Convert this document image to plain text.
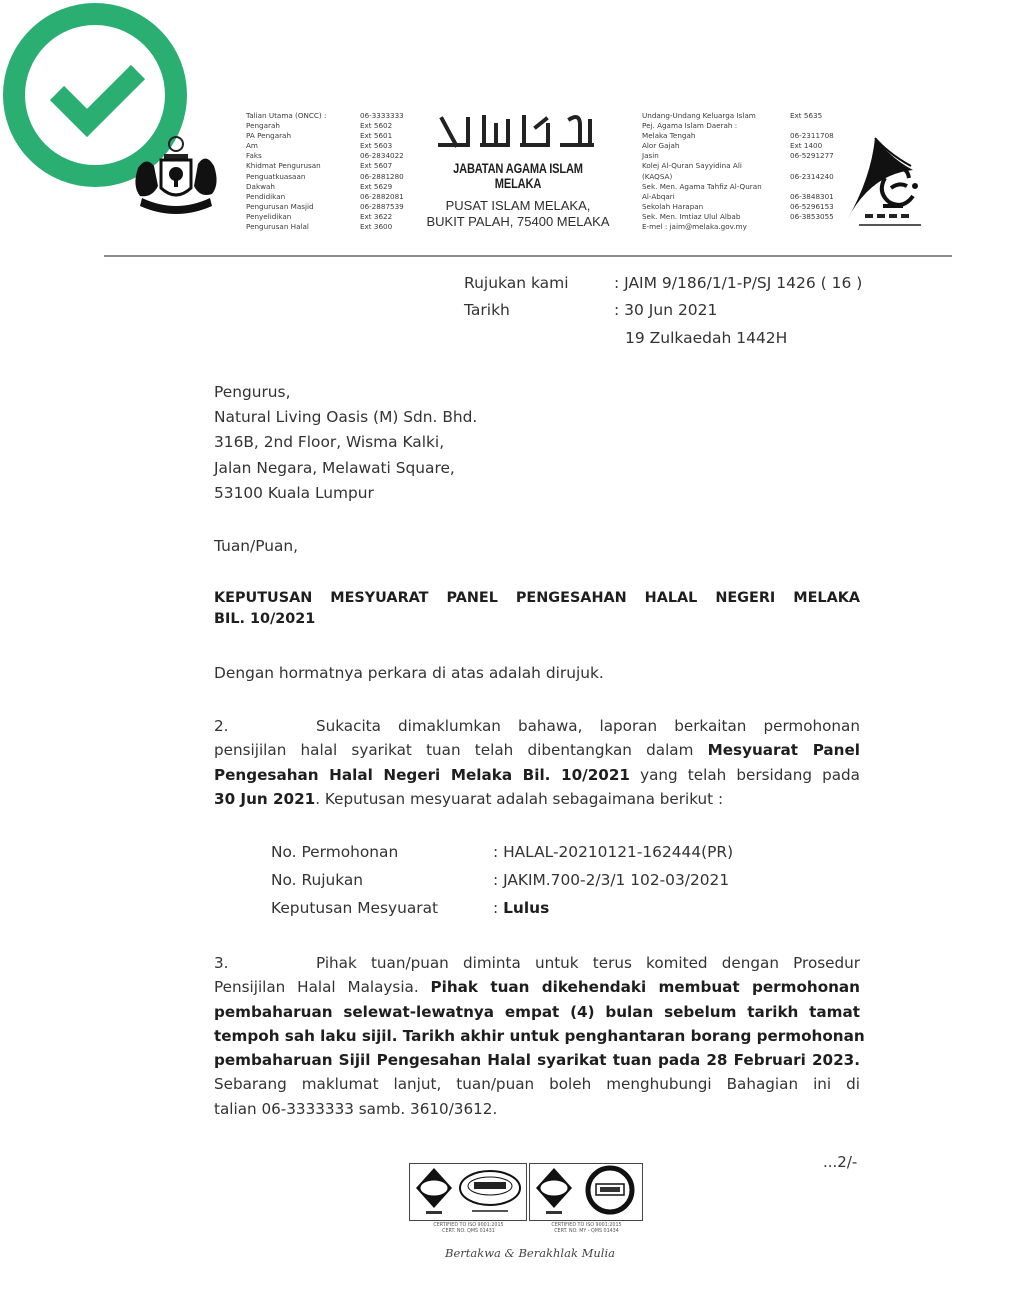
Talian Utama (ONCC) :	06-3333333
Pengarah	Ext 5602
PA Pengarah	Ext 5601
Am	Ext 5603
Faks	06-2834022
Khidmat Pengurusan	Ext 5607
Penguatkuasaan	06-2881280
Dakwah	Ext 5629
Pendidikan	06-2882081
Pengurusan Masjid	06-2887539
Penyelidikan	Ext 3622
Pengurusan Halal	Ext 3600
JABATAN AGAMA ISLAM MELAKA
PUSAT ISLAM MELAKA,
BUKIT PALAH, 75400 MELAKA
Undang-Undang Keluarga Islam	Ext 5635
Pej. Agama Islam Daerah :
Melaka Tengah	06-2311708
Alor Gajah	Ext 1400
Jasin	06-5291277
Kolej Al-Quran Sayyidina Ali
(KAQSA)	06-2314240
Sek. Men. Agama Tahfiz Al-Quran
Al-Abqari	06-3848301
Sekolah Harapan	06-5296153
Sek. Men. Imtiaz Ulul Albab	06-3853055
E-mel : jaim@melaka.gov.my
Rujukan kami	: JAIM 9/186/1/1-P/SJ 1426 ( 16 )
Tarikh	: 30 Jun 2021
19 Zulkaedah 1442H
Pengurus,
Natural Living Oasis (M) Sdn. Bhd.
316B, 2nd Floor, Wisma Kalki,
Jalan Negara, Melawati Square,
53100 Kuala Lumpur
Tuan/Puan,
KEPUTUSAN MESYUARAT PANEL PENGESAHAN HALAL NEGERI MELAKA
BIL. 10/2021
Dengan hormatnya perkara di atas adalah dirujuk.
2.	Sukacita dimaklumkan bahawa, laporan berkaitan permohonan
pensijilan halal syarikat tuan telah dibentangkan dalam Mesyuarat Panel
Pengesahan Halal Negeri Melaka Bil. 10/2021 yang telah bersidang pada
30 Jun 2021. Keputusan mesyuarat adalah sebagaimana berikut :
No. Permohonan	: HALAL-20210121-162444(PR)
No. Rujukan	: JAKIM.700-2/3/1 102-03/2021
Keputusan Mesyuarat	: Lulus
3.	Pihak tuan/puan diminta untuk terus komited dengan Prosedur
Pensijilan Halal Malaysia. Pihak tuan dikehendaki membuat permohonan
pembaharuan selewat-lewatnya empat (4) bulan sebelum tarikh tamat
tempoh sah laku sijil. Tarikh akhir untuk penghantaran borang permohonan
pembaharuan Sijil Pengesahan Halal syarikat tuan pada 28 Februari 2023.
Sebarang maklumat lanjut, tuan/puan boleh menghubungi Bahagian ini di
talian 06-3333333 samb. 3610/3612.
...2/-
CERTIFIED TO ISO 9001:2015
CERT. NO. QMS 01431
CERTIFIED TO ISO 9001:2015
CERT. NO. MY - QMS 01434
Bertakwa & Berakhlak Mulia
